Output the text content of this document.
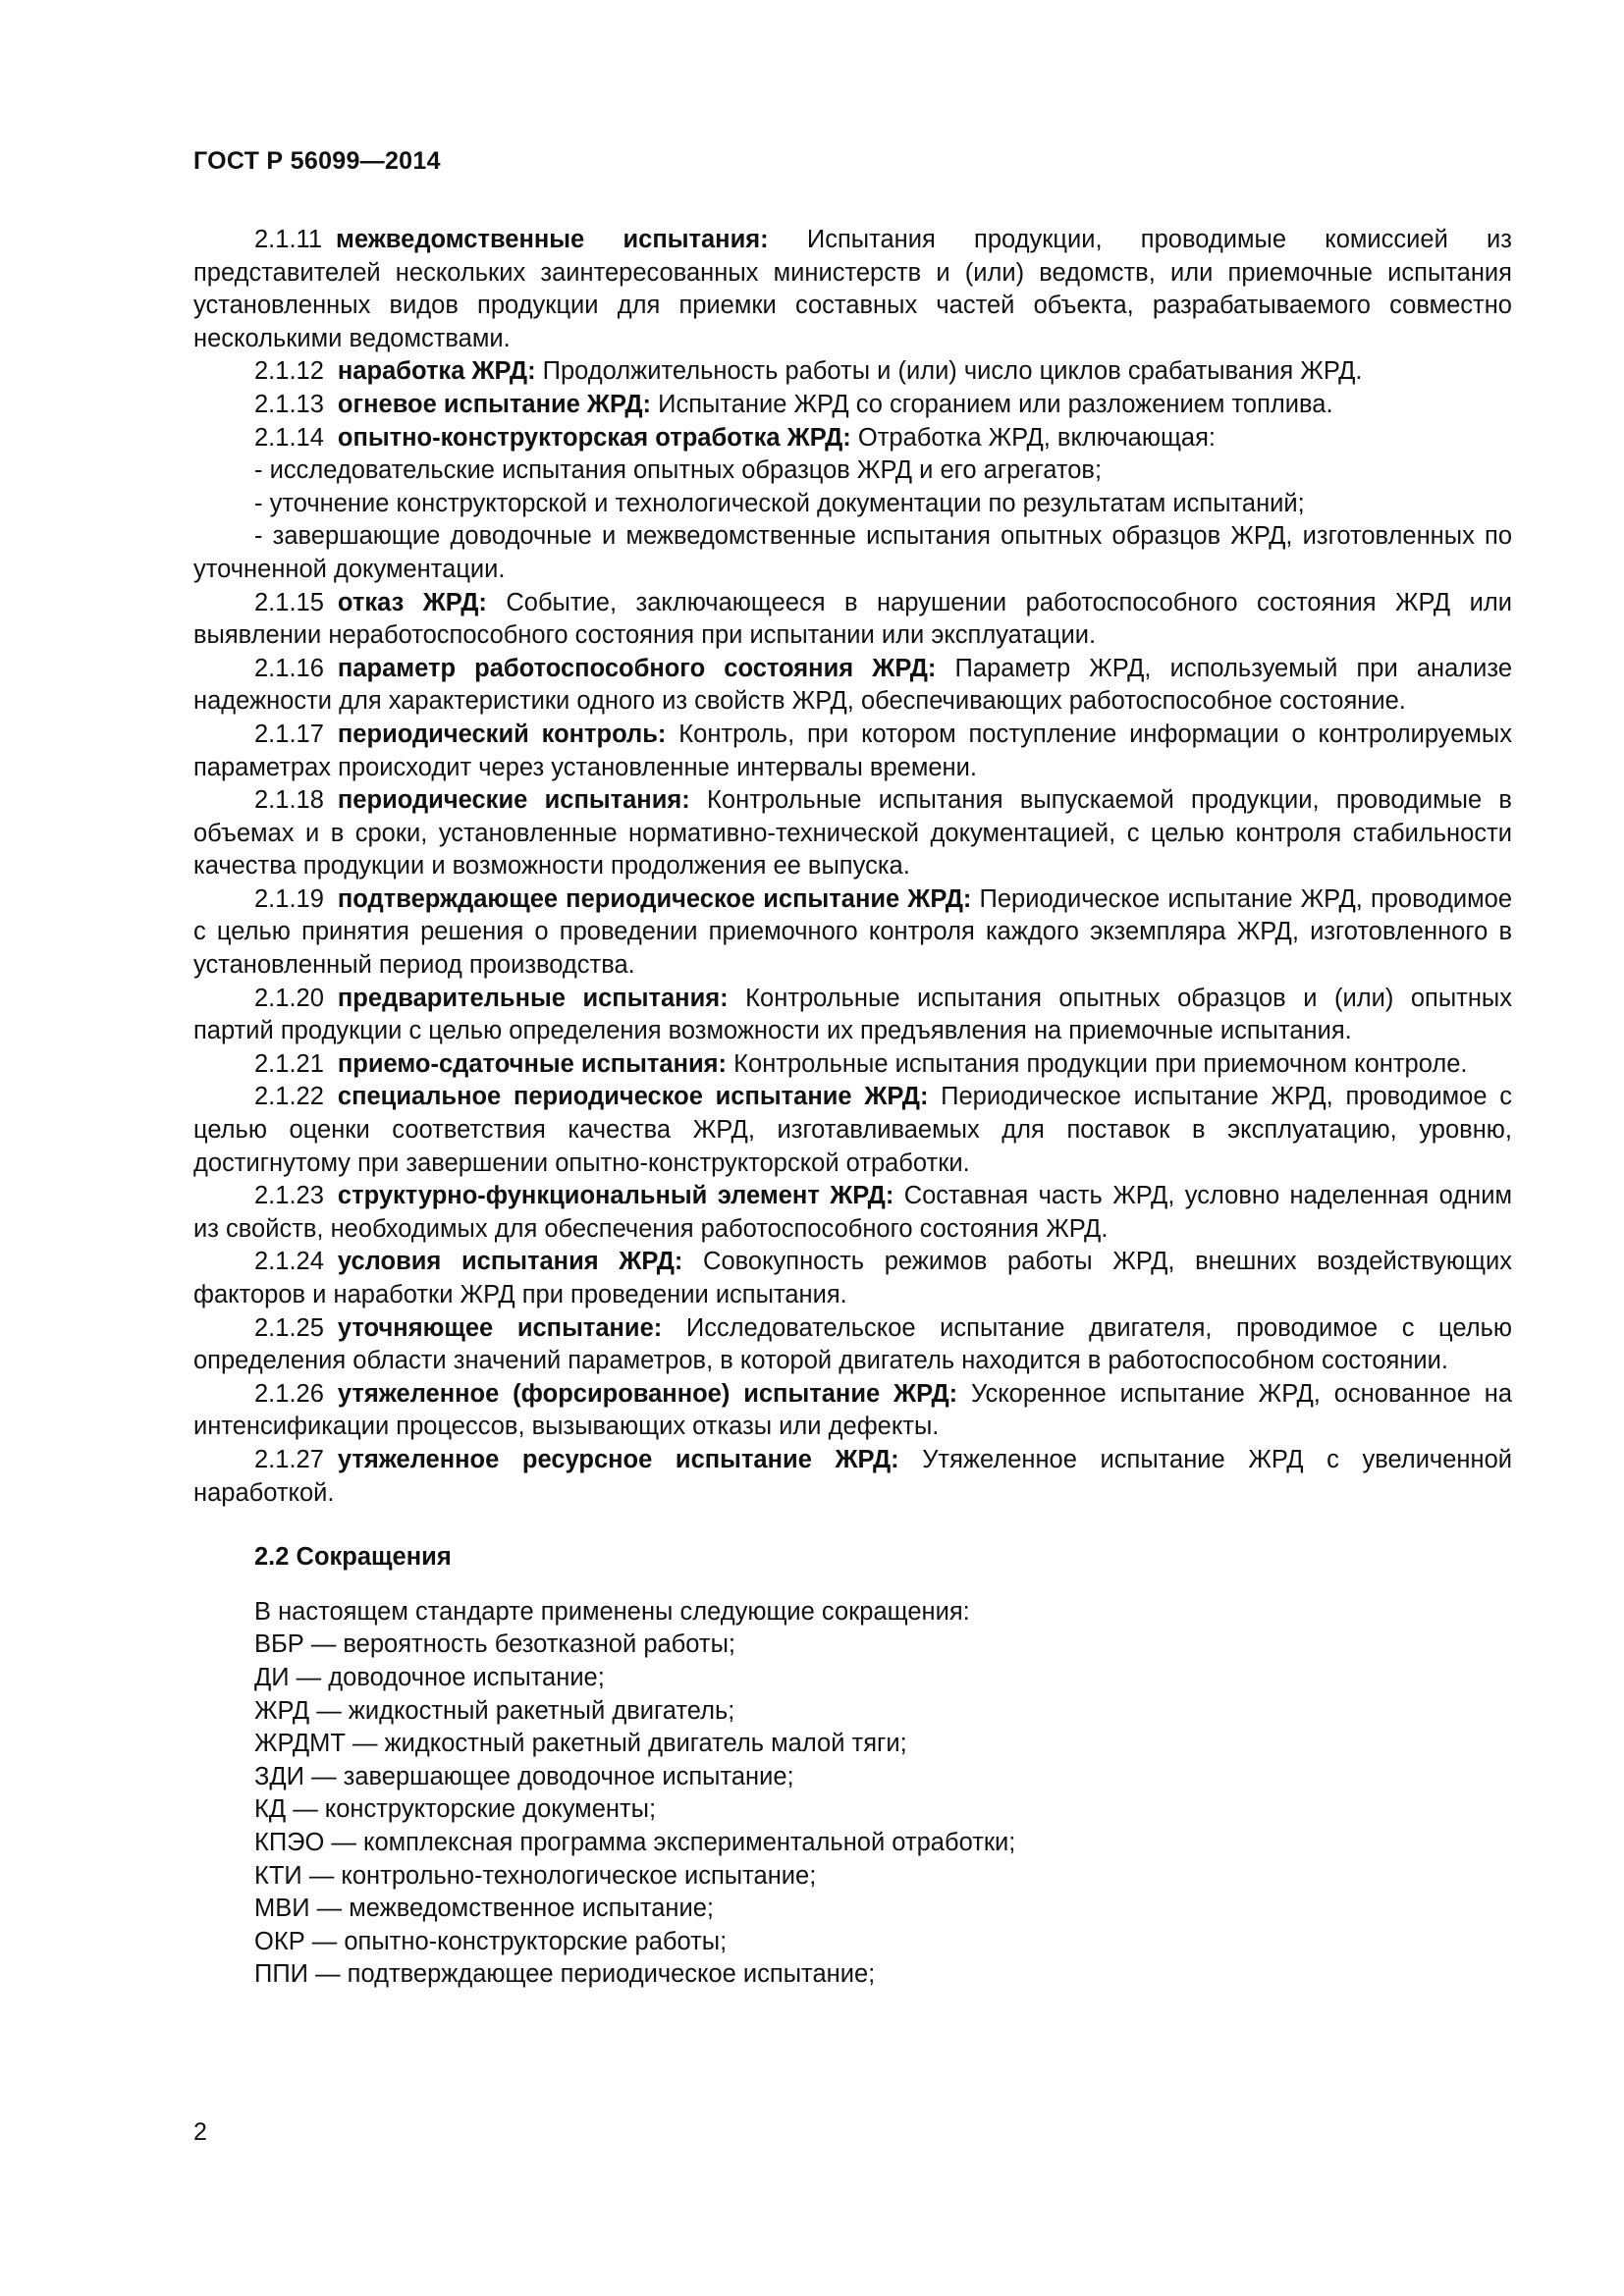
ГОСТ Р 56099—2014

2.1.11 межведомственные испытания: Испытания продукции, проводимые комиссией из представителей нескольких заинтересованных министерств и (или) ведомств, или приемочные испытания установленных видов продукции для приемки составных частей объекта, разрабатываемого совместно несколькими ведомствами.

2.1.12 наработка ЖРД: Продолжительность работы и (или) число циклов срабатывания ЖРД.

2.1.13 огневое испытание ЖРД: Испытание ЖРД со сгоранием или разложением топлива.

2.1.14 опытно-конструкторская отработка ЖРД: Отработка ЖРД, включающая:

- исследовательские испытания опытных образцов ЖРД и его агрегатов;

- уточнение конструкторской и технологической документации по результатам испытаний;

- завершающие доводочные и межведомственные испытания опытных образцов ЖРД, изготовленных по уточненной документации.

2.1.15 отказ ЖРД: Событие, заключающееся в нарушении работоспособного состояния ЖРД или выявлении неработоспособного состояния при испытании или эксплуатации.

2.1.16 параметр работоспособного состояния ЖРД: Параметр ЖРД, используемый при анализе надежности для характеристики одного из свойств ЖРД, обеспечивающих работоспособное состояние.

2.1.17 периодический контроль: Контроль, при котором поступление информации о контролируемых параметрах происходит через установленные интервалы времени.

2.1.18 периодические испытания: Контрольные испытания выпускаемой продукции, проводимые в объемах и в сроки, установленные нормативно-технической документацией, с целью контроля стабильности качества продукции и возможности продолжения ее выпуска.

2.1.19 подтверждающее периодическое испытание ЖРД: Периодическое испытание ЖРД, проводимое с целью принятия решения о проведении приемочного контроля каждого экземпляра ЖРД, изготовленного в установленный период производства.

2.1.20 предварительные испытания: Контрольные испытания опытных образцов и (или) опытных партий продукции с целью определения возможности их предъявления на приемочные испытания.

2.1.21 приемо-сдаточные испытания: Контрольные испытания продукции при приемочном контроле.

2.1.22 специальное периодическое испытание ЖРД: Периодическое испытание ЖРД, проводимое с целью оценки соответствия качества ЖРД, изготавливаемых для поставок в эксплуатацию, уровню, достигнутому при завершении опытно-конструкторской отработки.

2.1.23 структурно-функциональный элемент ЖРД: Составная часть ЖРД, условно наделенная одним из свойств, необходимых для обеспечения работоспособного состояния ЖРД.

2.1.24 условия испытания ЖРД: Совокупность режимов работы ЖРД, внешних воздействующих факторов и наработки ЖРД при проведении испытания.

2.1.25 уточняющее испытание: Исследовательское испытание двигателя, проводимое с целью определения области значений параметров, в которой двигатель находится в работоспособном состоянии.

2.1.26 утяжеленное (форсированное) испытание ЖРД: Ускоренное испытание ЖРД, основанное на интенсификации процессов, вызывающих отказы или дефекты.

2.1.27 утяжеленное ресурсное испытание ЖРД: Утяжеленное испытание ЖРД с увеличенной наработкой.

2.2 Сокращения

В настоящем стандарте применены следующие сокращения:

ВБР — вероятность безотказной работы;

ДИ — доводочное испытание;

ЖРД — жидкостный ракетный двигатель;

ЖРДМТ — жидкостный ракетный двигатель малой тяги;

ЗДИ — завершающее доводочное испытание;

КД — конструкторские документы;

КПЭО — комплексная программа экспериментальной отработки;

КТИ — контрольно-технологическое испытание;

МВИ — межведомственное испытание;

ОКР — опытно-конструкторские работы;

ППИ — подтверждающее периодическое испытание;

2
